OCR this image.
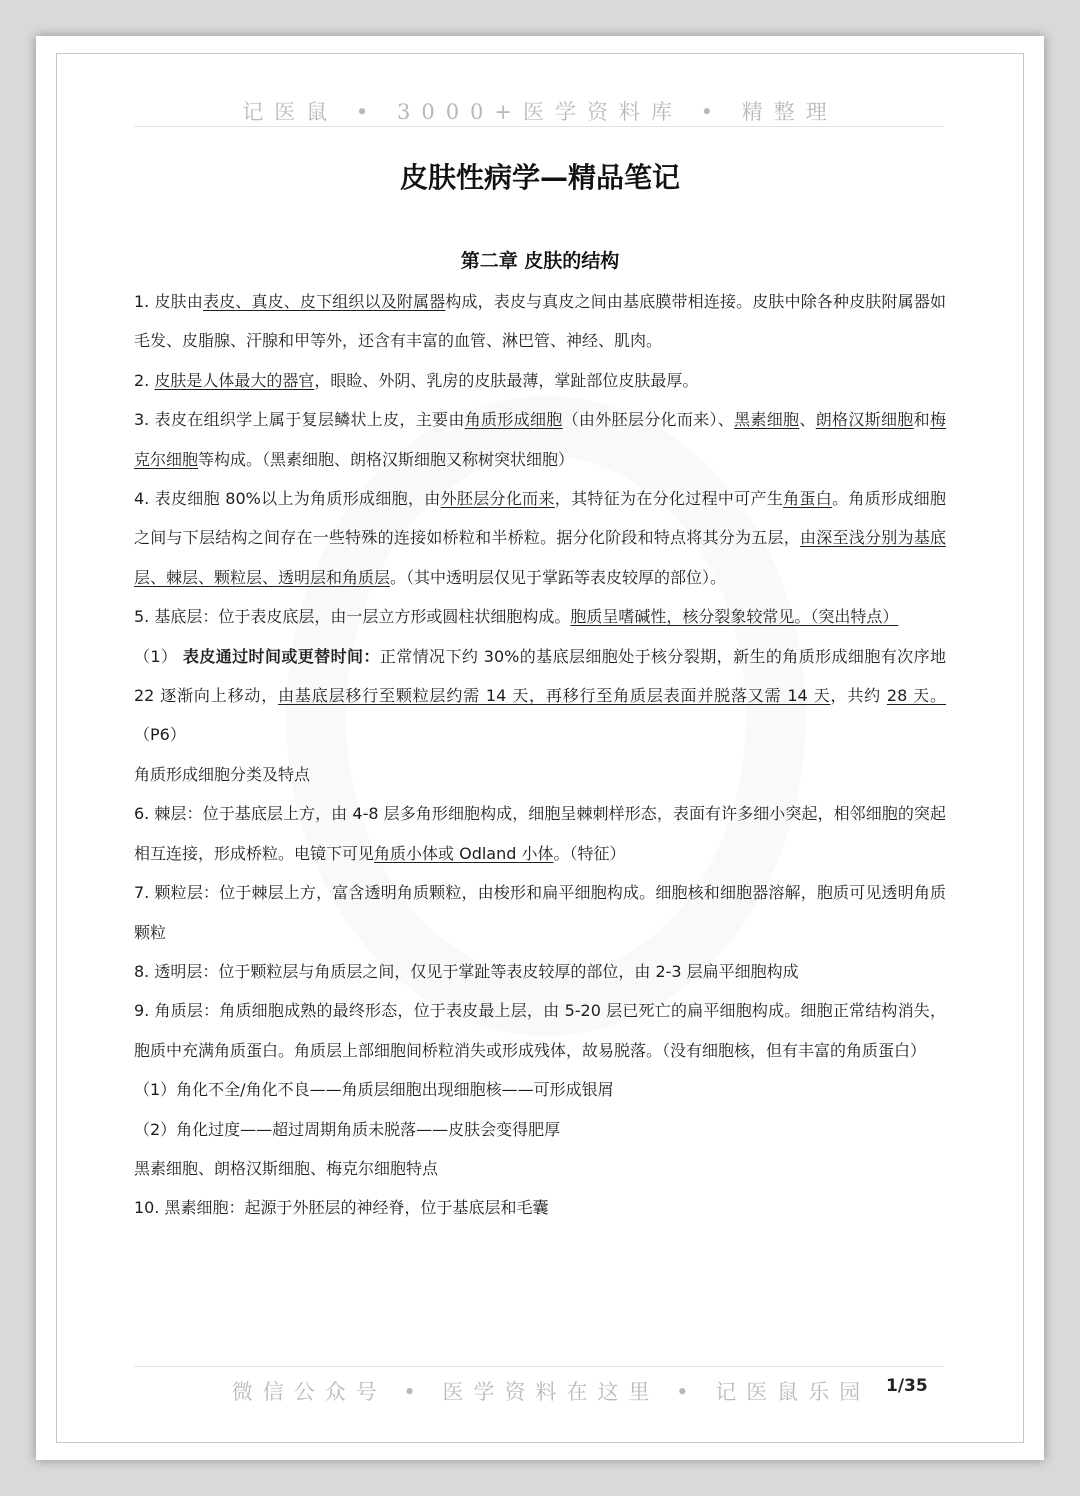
记医鼠 • 3000+医学资料库 • 精整理
皮肤性病学—精品笔记
第二章 皮肤的结构

1. 皮肤由表皮、真皮、皮下组织以及附属器构成，表皮与真皮之间由基底膜带相连接。皮肤中除各种皮肤附属器如毛发、皮脂腺、汗腺和甲等外，还含有丰富的血管、淋巴管、神经、肌肉。

2. 皮肤是人体最大的器官，眼睑、外阴、乳房的皮肤最薄，掌趾部位皮肤最厚。

3. 表皮在组织学上属于复层鳞状上皮，主要由角质形成细胞（由外胚层分化而来）、黑素细胞、朗格汉斯细胞和梅克尔细胞等构成。（黑素细胞、朗格汉斯细胞又称树突状细胞）

4. 表皮细胞 80%以上为角质形成细胞，由外胚层分化而来，其特征为在分化过程中可产生角蛋白。角质形成细胞之间与下层结构之间存在一些特殊的连接如桥粒和半桥粒。据分化阶段和特点将其分为五层，由深至浅分别为基底层、棘层、颗粒层、透明层和角质层。（其中透明层仅见于掌跖等表皮较厚的部位）。

5. 基底层：位于表皮底层，由一层立方形或圆柱状细胞构成。胞质呈嗜碱性，核分裂象较常见。（突出特点）

（1） 表皮通过时间或更替时间：正常情况下约 30%的基底层细胞处于核分裂期，新生的角质形成细胞有次序地 22 逐渐向上移动，由基底层移行至颗粒层约需 14 天，再移行至角质层表面并脱落又需 14 天，共约 28 天。（P6）

角质形成细胞分类及特点

6. 棘层：位于基底层上方，由 4-8 层多角形细胞构成，细胞呈棘刺样形态，表面有许多细小突起，相邻细胞的突起相互连接，形成桥粒。电镜下可见角质小体或 Odland 小体。（特征）

7. 颗粒层：位于棘层上方，富含透明角质颗粒，由梭形和扁平细胞构成。细胞核和细胞器溶解，胞质可见透明角质颗粒

8. 透明层：位于颗粒层与角质层之间，仅见于掌趾等表皮较厚的部位，由 2-3 层扁平细胞构成

9. 角质层：角质细胞成熟的最终形态，位于表皮最上层，由 5-20 层已死亡的扁平细胞构成。细胞正常结构消失，胞质中充满角质蛋白。角质层上部细胞间桥粒消失或形成残体，故易脱落。（没有细胞核，但有丰富的角质蛋白）

（1）角化不全/角化不良——角质层细胞出现细胞核——可形成银屑

（2）角化过度——超过周期角质未脱落——皮肤会变得肥厚

黑素细胞、朗格汉斯细胞、梅克尔细胞特点

10. 黑素细胞：起源于外胚层的神经脊，位于基底层和毛囊

微信公众号 • 医学资料在这里 • 记医鼠乐园 1/35
